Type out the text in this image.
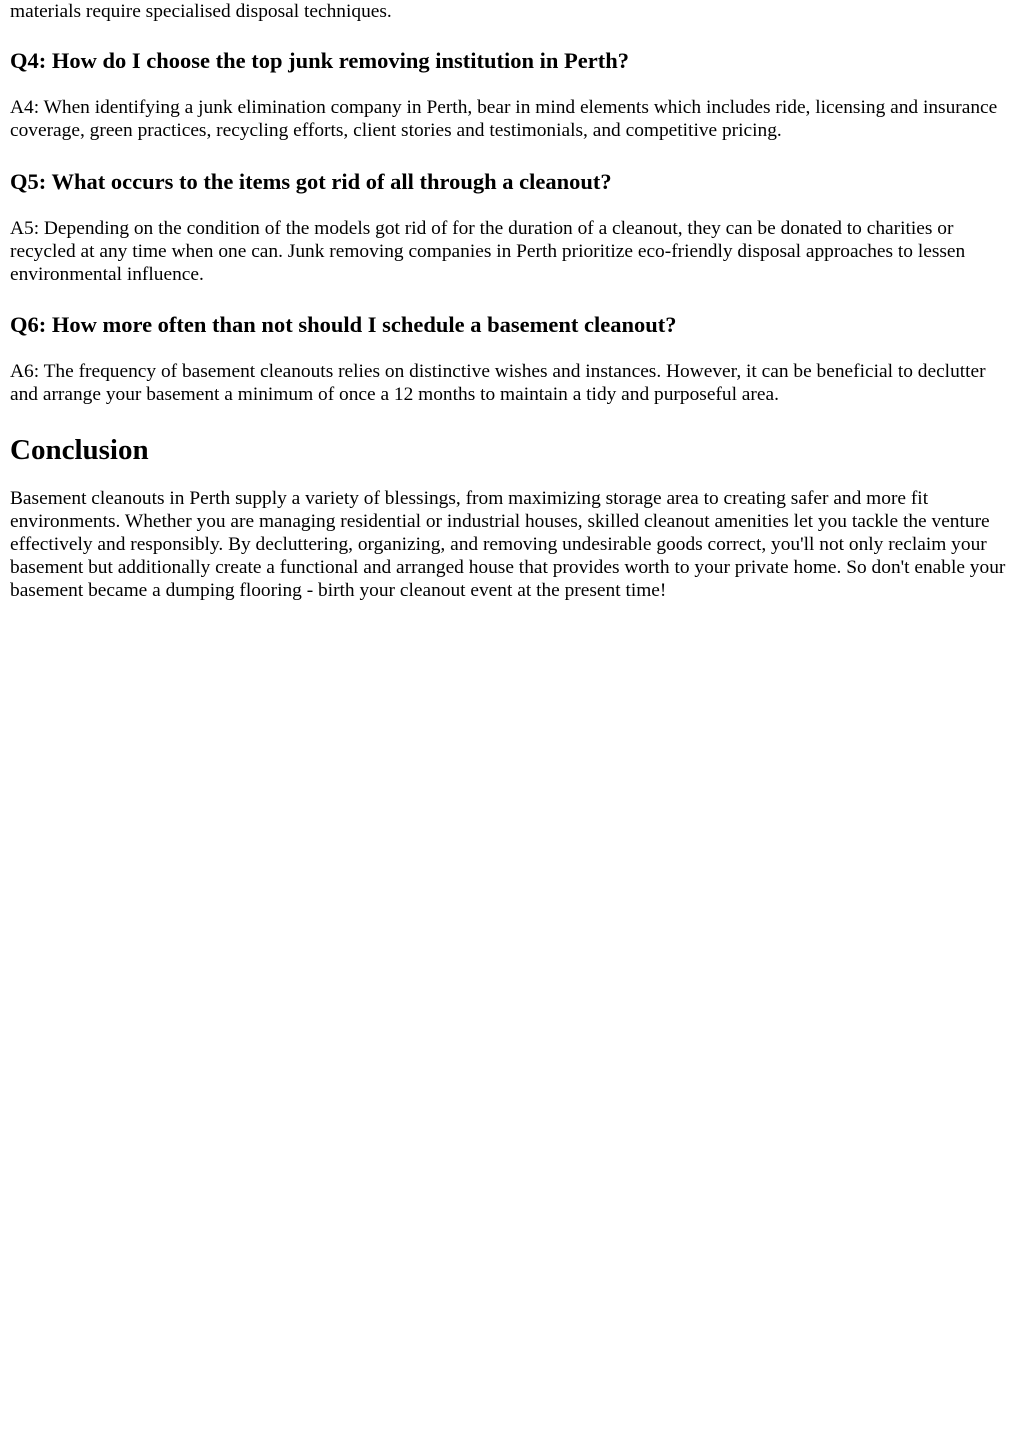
materials require specialised disposal techniques.

Q4: How do I choose the top junk removing institution in Perth?

A4: When identifying a junk elimination company in Perth, bear in mind elements which includes ride, licensing and insurance coverage, green practices, recycling efforts, client stories and testimonials, and competitive pricing.

Q5: What occurs to the items got rid of all through a cleanout?

A5: Depending on the condition of the models got rid of for the duration of a cleanout, they can be donated to charities or recycled at any time when one can. Junk removing companies in Perth prioritize eco-friendly disposal approaches to lessen environmental influence.

Q6: How more often than not should I schedule a basement cleanout?

A6: The frequency of basement cleanouts relies on distinctive wishes and instances. However, it can be beneficial to declutter and arrange your basement a minimum of once a 12 months to maintain a tidy and purposeful area.

Conclusion

Basement cleanouts in Perth supply a variety of blessings, from maximizing storage area to creating safer and more fit environments. Whether you are managing residential or industrial houses, skilled cleanout amenities let you tackle the venture effectively and responsibly. By decluttering, organizing, and removing undesirable goods correct, you'll not only reclaim your basement but additionally create a functional and arranged house that provides worth to your private home. So don't enable your basement became a dumping flooring - birth your cleanout event at the present time!
